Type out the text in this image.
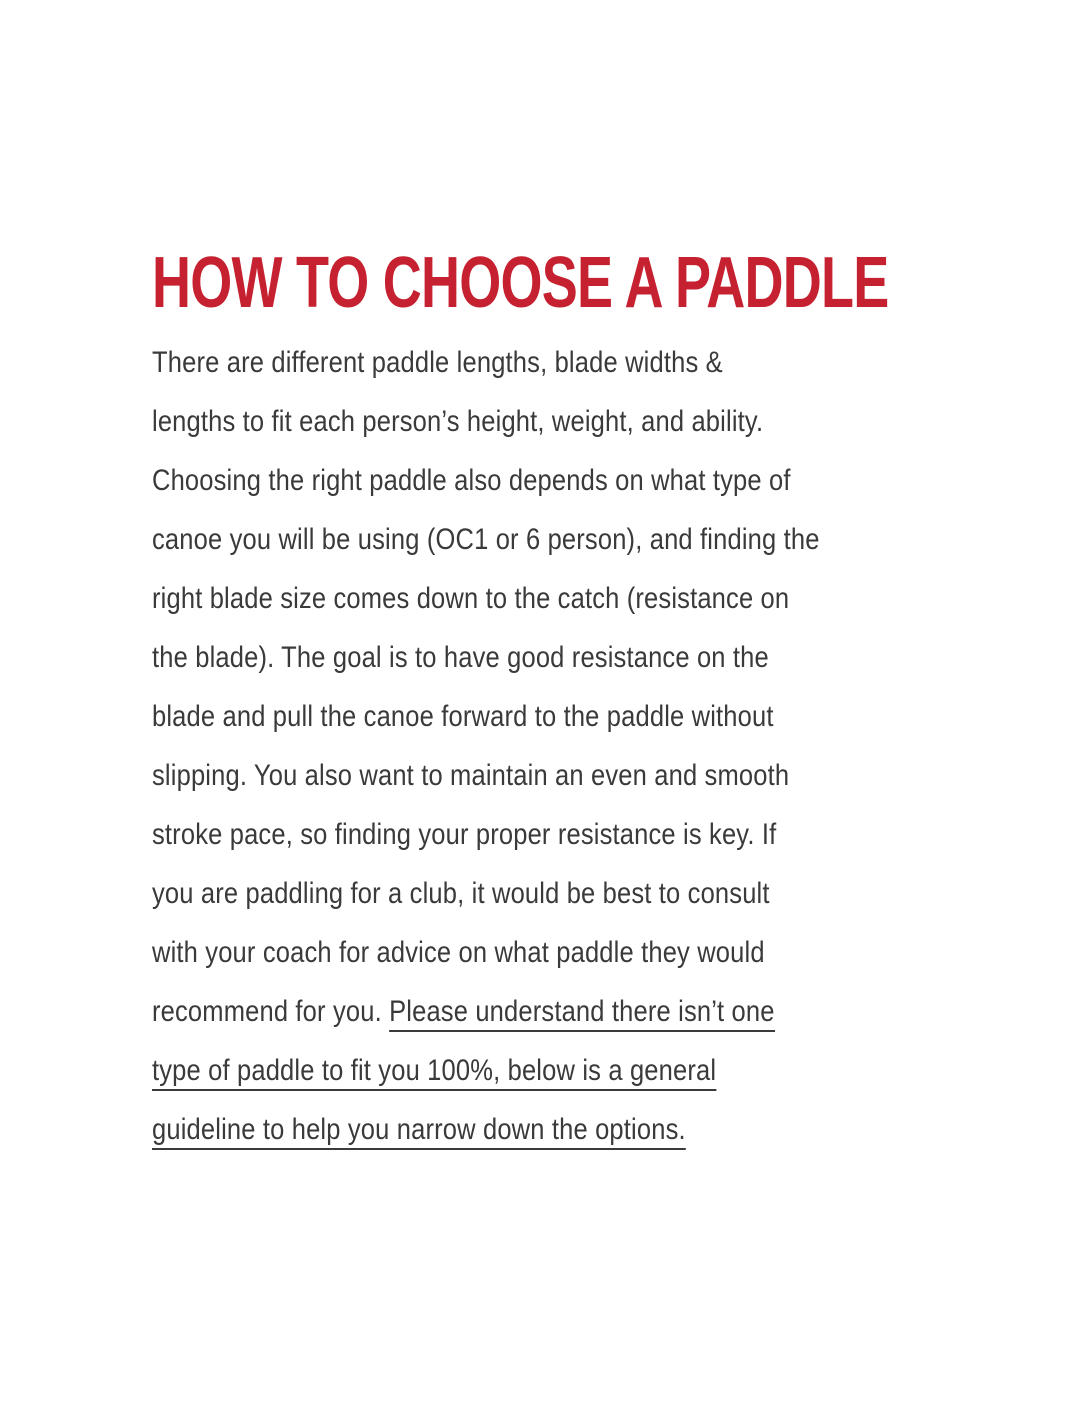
HOW TO CHOOSE A PADDLE
There are different paddle lengths, blade widths &
lengths to fit each person’s height, weight, and ability.
Choosing the right paddle also depends on what type of
canoe you will be using (OC1 or 6 person), and finding the
right blade size comes down to the catch (resistance on
the blade). The goal is to have good resistance on the
blade and pull the canoe forward to the paddle without
slipping. You also want to maintain an even and smooth
stroke pace, so finding your proper resistance is key. If
you are paddling for a club, it would be best to consult
with your coach for advice on what paddle they would
recommend for you. Please understand there isn’t one
type of paddle to fit you 100%, below is a general
guideline to help you narrow down the options.
